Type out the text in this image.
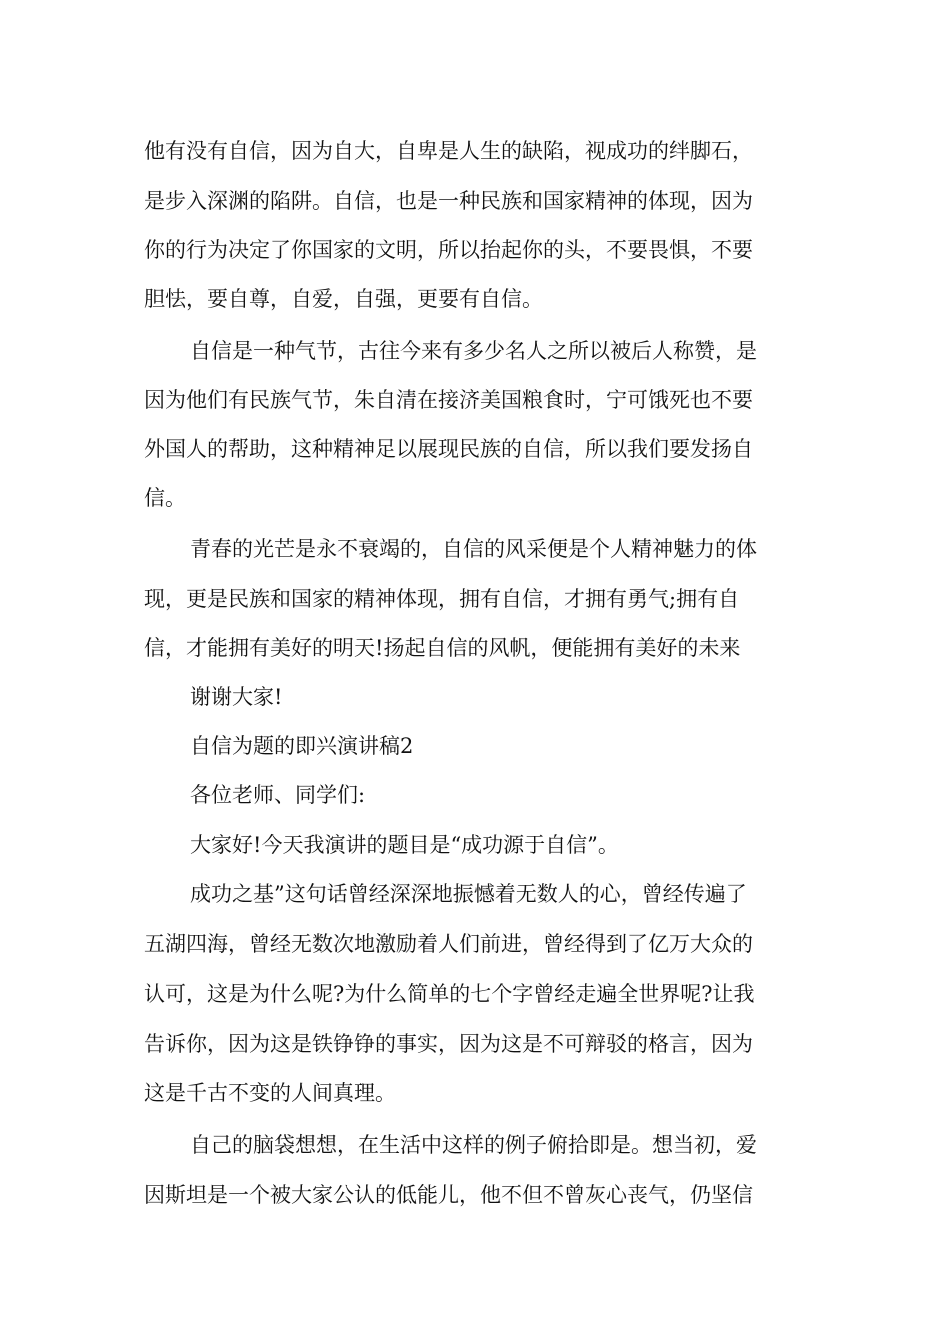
他有没有自信，因为自大，自卑是人生的缺陷，视成功的绊脚石，
是步入深渊的陷阱。自信，也是一种民族和国家精神的体现，因为
你的行为决定了你国家的文明，所以抬起你的头，不要畏惧，不要
胆怯，要自尊，自爱，自强，更要有自信。
自信是一种气节，古往今来有多少名人之所以被后人称赞，是
因为他们有民族气节，朱自清在接济美国粮食时，宁可饿死也不要
外国人的帮助，这种精神足以展现民族的自信，所以我们要发扬自
信。
青春的光芒是永不衰竭的，自信的风采便是个人精神魅力的体
现，更是民族和国家的精神体现，拥有自信，才拥有勇气;拥有自
信，才能拥有美好的明天!扬起自信的风帆，便能拥有美好的未来
谢谢大家!
自信为题的即兴演讲稿2
各位老师、同学们:
大家好!今天我演讲的题目是“成功源于自信”。
成功之基”这句话曾经深深地振憾着无数人的心，曾经传遍了
五湖四海，曾经无数次地激励着人们前进，曾经得到了亿万大众的
认可，这是为什么呢?为什么简单的七个字曾经走遍全世界呢?让我
告诉你，因为这是铁铮铮的事实，因为这是不可辩驳的格言，因为
这是千古不变的人间真理。
自己的脑袋想想，在生活中这样的例子俯拾即是。想当初，爱
因斯坦是一个被大家公认的低能儿，他不但不曾灰心丧气，仍坚信
